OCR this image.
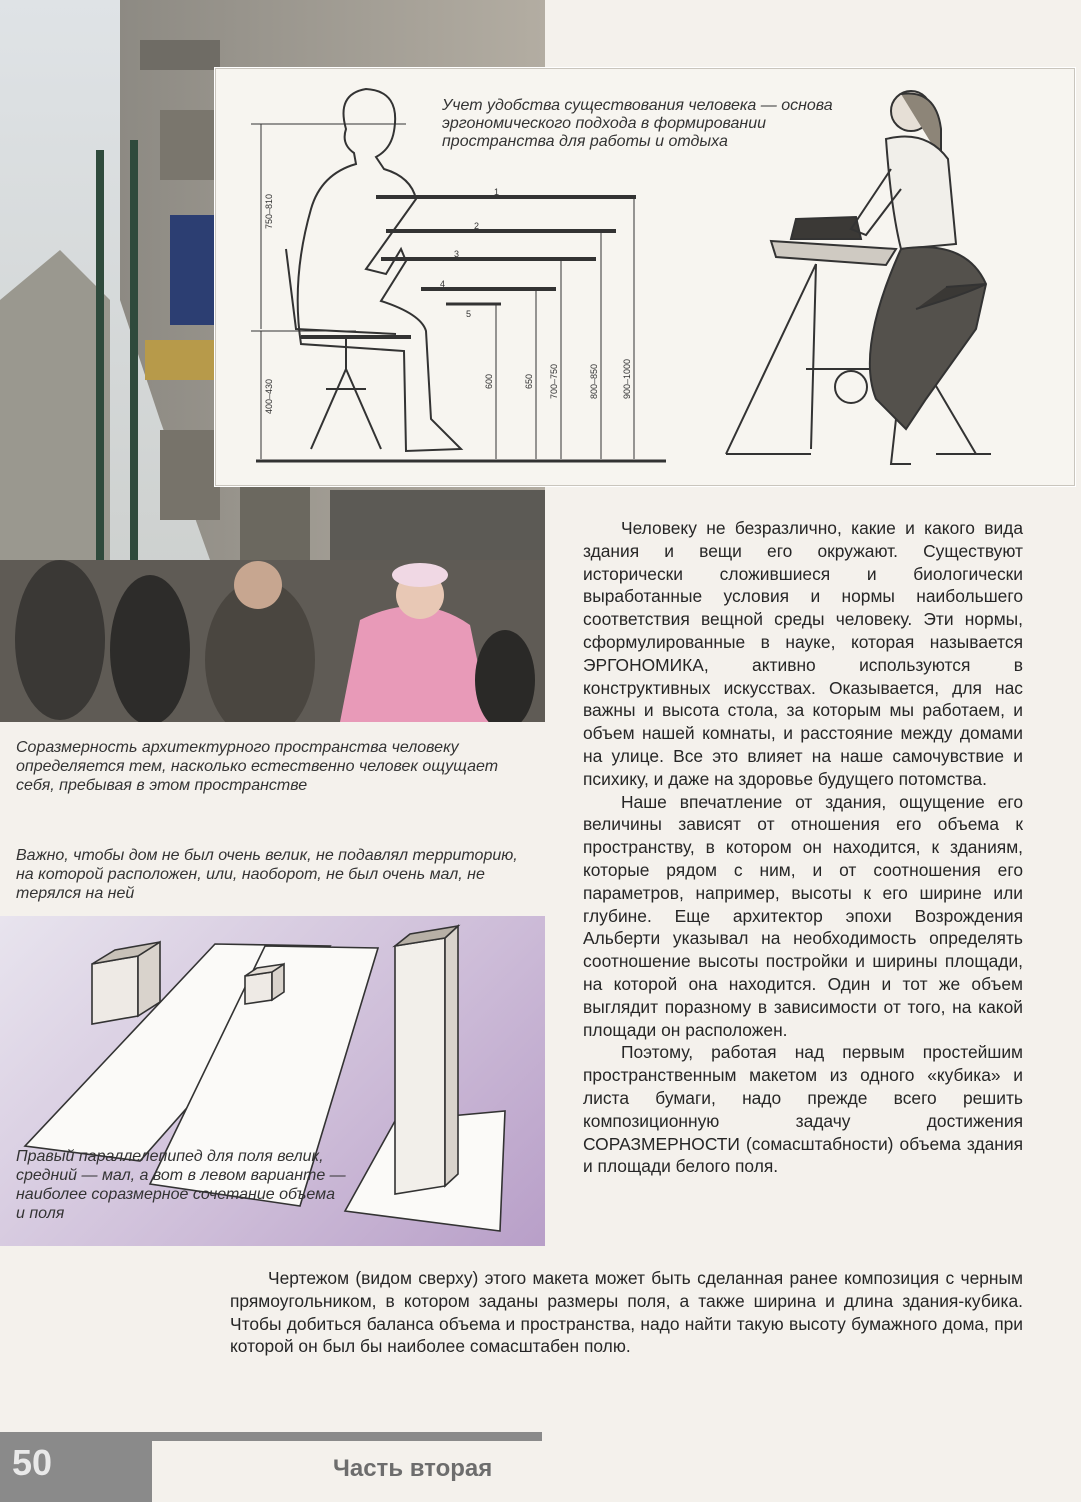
Учет удобства существования человека — основа эргономического подхода в формировании пространства для работы и отдыха
750–810
400–430	600	650 700–750	800–850	900–1000
1
2
3
4
5
Соразмерность архитектурного пространства человеку определяется тем, насколько естественно человек ощущает себя, пребывая в этом пространстве
Важно, чтобы дом не был очень велик, не подавлял территорию, на которой расположен, или, наоборот, не был очень мал, не терялся на ней
Правый параллелепипед для поля велик, средний — мал, а вот в левом варианте — наиболее соразмерное сочетание объема и поля

Человеку не безразлично, какие и какого вида здания и вещи его окружают. Существуют исторически сложившиеся и биологически выработанные условия и нормы наибольшего соответствия вещной среды человеку. Эти нормы, сформулированные в науке, которая называется ЭРГОНОМИКА, активно используются в конструктивных искусствах. Оказывается, для нас важны и высота стола, за которым мы работаем, и объем нашей комнаты, и расстояние между домами на улице. Все это влияет на наше самочувствие и психику, и даже на здоровье будущего потомства.

Наше впечатление от здания, ощущение его величины зависят от отношения его объема к пространству, в котором он находится, к зданиям, которые рядом с ним, и от соотношения его параметров, например, высоты к его ширине или глубине. Еще архитектор эпохи Возрождения Альберти указывал на необходимость определять соотношение высоты постройки и ширины площади, на которой она находится. Один и тот же объем выглядит поразному в зависимости от того, на какой площади он расположен.

Поэтому, работая над первым простейшим пространственным макетом из одного «кубика» и листа бумаги, надо прежде всего решить композиционную задачу достижения СОРАЗМЕРНОСТИ (сомасштабности) объема здания и площади белого поля.

Чертежом (видом сверху) этого макета может быть сделанная ранее композиция с черным прямоугольником, в котором заданы размеры поля, а также ширина и длина здания-кубика. Чтобы добиться баланса объема и пространства, надо найти такую высоту бумажного дома, при которой он был бы наиболее сомасштабен полю.

50	Часть вторая
